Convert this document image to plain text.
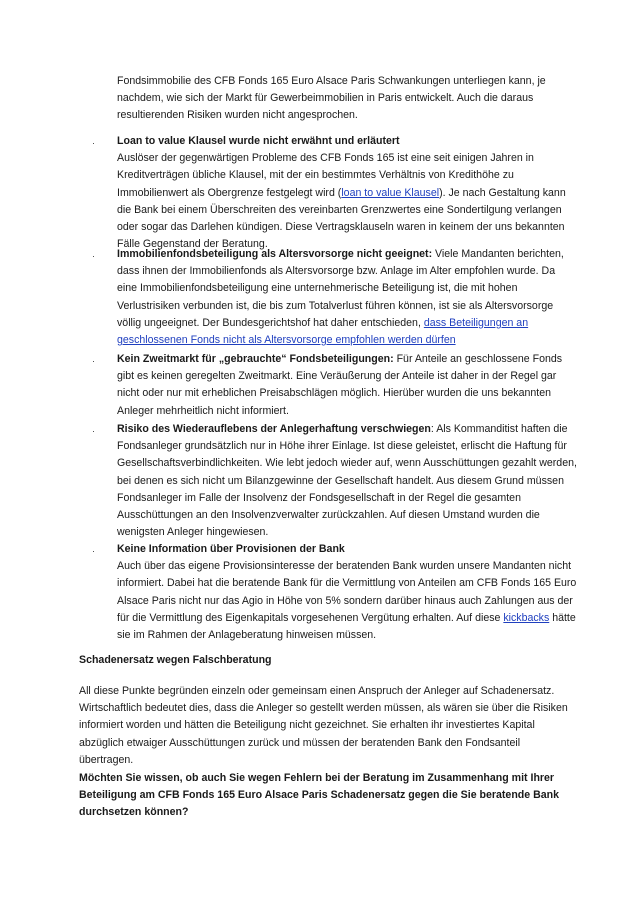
Fondsimmobilie des CFB Fonds 165 Euro Alsace Paris Schwankungen unterliegen kann, je nachdem, wie sich der Markt für Gewerbeimmobilien in Paris entwickelt. Auch die daraus resultierenden Risiken wurden nicht angesprochen.
· Loan to value Klausel wurde nicht erwähnt und erläutert
Auslöser der gegenwärtigen Probleme des CFB Fonds 165 ist eine seit einigen Jahren in Kreditverträgen übliche Klausel, mit der ein bestimmtes Verhältnis von Kredithöhe zu Immobilienwert als Obergrenze festgelegt wird (loan to value Klausel). Je nach Gestaltung kann die Bank bei einem Überschreiten des vereinbarten Grenzwertes eine Sondertilgung verlangen oder sogar das Darlehen kündigen. Diese Vertragsklauseln waren in keinem der uns bekannten Fälle Gegenstand der Beratung.
· Immobilienfondsbeteiligung als Altersvorsorge nicht geeignet: Viele Mandanten berichten, dass ihnen der Immobilienfonds als Altersvorsorge bzw. Anlage im Alter empfohlen wurde. Da eine Immobilienfondsbeteiligung eine unternehmerische Beteiligung ist, die mit hohen Verlustrisiken verbunden ist, die bis zum Totalverlust führen können, ist sie als Altersvorsorge völlig ungeeignet. Der Bundesgerichtshof hat daher entschieden, dass Beteiligungen an geschlossenen Fonds nicht als Altersvorsorge empfohlen werden dürfen
· Kein Zweitmarkt für „gebrauchte“ Fondsbeteiligungen: Für Anteile an geschlossene Fonds gibt es keinen geregelten Zweitmarkt. Eine Veräußerung der Anteile ist daher in der Regel gar nicht oder nur mit erheblichen Preisabschlägen möglich. Hierüber wurden die uns bekannten Anleger mehrheitlich nicht informiert.
· Risiko des Wiederauflebens der Anlegerhaftung verschwiegen: Als Kommanditist haften die Fondsanleger grundsätzlich nur in Höhe ihrer Einlage. Ist diese geleistet, erlischt die Haftung für Gesellschaftsverbindlichkeiten. Wie lebt jedoch wieder auf, wenn Ausschüttungen gezahlt werden, bei denen es sich nicht um Bilanzgewinne der Gesellschaft handelt. Aus diesem Grund müssen Fondsanleger im Falle der Insolvenz der Fondsgesellschaft in der Regel die gesamten Ausschüttungen an den Insolvenzverwalter zurückzahlen. Auf diesen Umstand wurden die wenigsten Anleger hingewiesen.
· Keine Information über Provisionen der Bank
Auch über das eigene Provisionsinteresse der beratenden Bank wurden unsere Mandanten nicht informiert. Dabei hat die beratende Bank für die Vermittlung von Anteilen am CFB Fonds 165 Euro Alsace Paris nicht nur das Agio in Höhe von 5% sondern darüber hinaus auch Zahlungen aus der für die Vermittlung des Eigenkapitals vorgesehenen Vergütung erhalten. Auf diese kickbacks hätte sie im Rahmen der Anlageberatung hinweisen müssen.
Schadenersatz wegen Falschberatung
All diese Punkte begründen einzeln oder gemeinsam einen Anspruch der Anleger auf Schadenersatz. Wirtschaftlich bedeutet dies, dass die Anleger so gestellt werden müssen, als wären sie über die Risiken informiert worden und hätten die Beteiligung nicht gezeichnet. Sie erhalten ihr investiertes Kapital abzüglich etwaiger Ausschüttungen zurück und müssen der beratenden Bank den Fondsanteil übertragen.
Möchten Sie wissen, ob auch Sie wegen Fehlern bei der Beratung im Zusammenhang mit Ihrer Beteiligung am CFB Fonds 165 Euro Alsace Paris Schadenersatz gegen die Sie beratende Bank durchsetzen können?
